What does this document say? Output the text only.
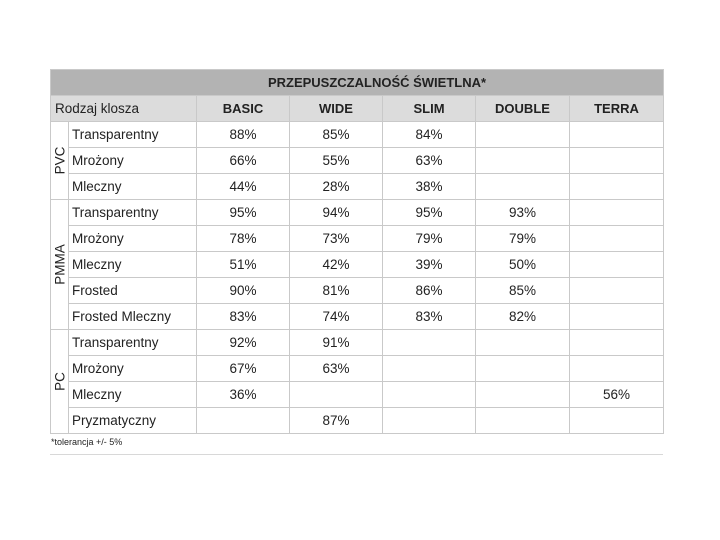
PRZEPUSZCZALNOŚĆ ŚWIETLNA*						
Rodzaj klosza		BASIC	WIDE	SLIM	DOUBLE	TERRA

PVC	Transparentny	88%	85%	84%		
	Mrożony	66%	55%	63%		
	Mleczny	44%	28%	38%		

PMMA	Transparentny	95%	94%	95%	93%	
	Mrożony	78%	73%	79%	79%	
	Mleczny	51%	42%	39%	50%	
	Frosted	90%	81%	86%	85%	
	Frosted Mleczny	83%	74%	83%	82%	

PC	Transparentny	92%	91%			
	Mrożony	67%	63%			
	Mleczny	36%				56%
	Pryzmatyczny		87%			
*tolerancja +/- 5%
